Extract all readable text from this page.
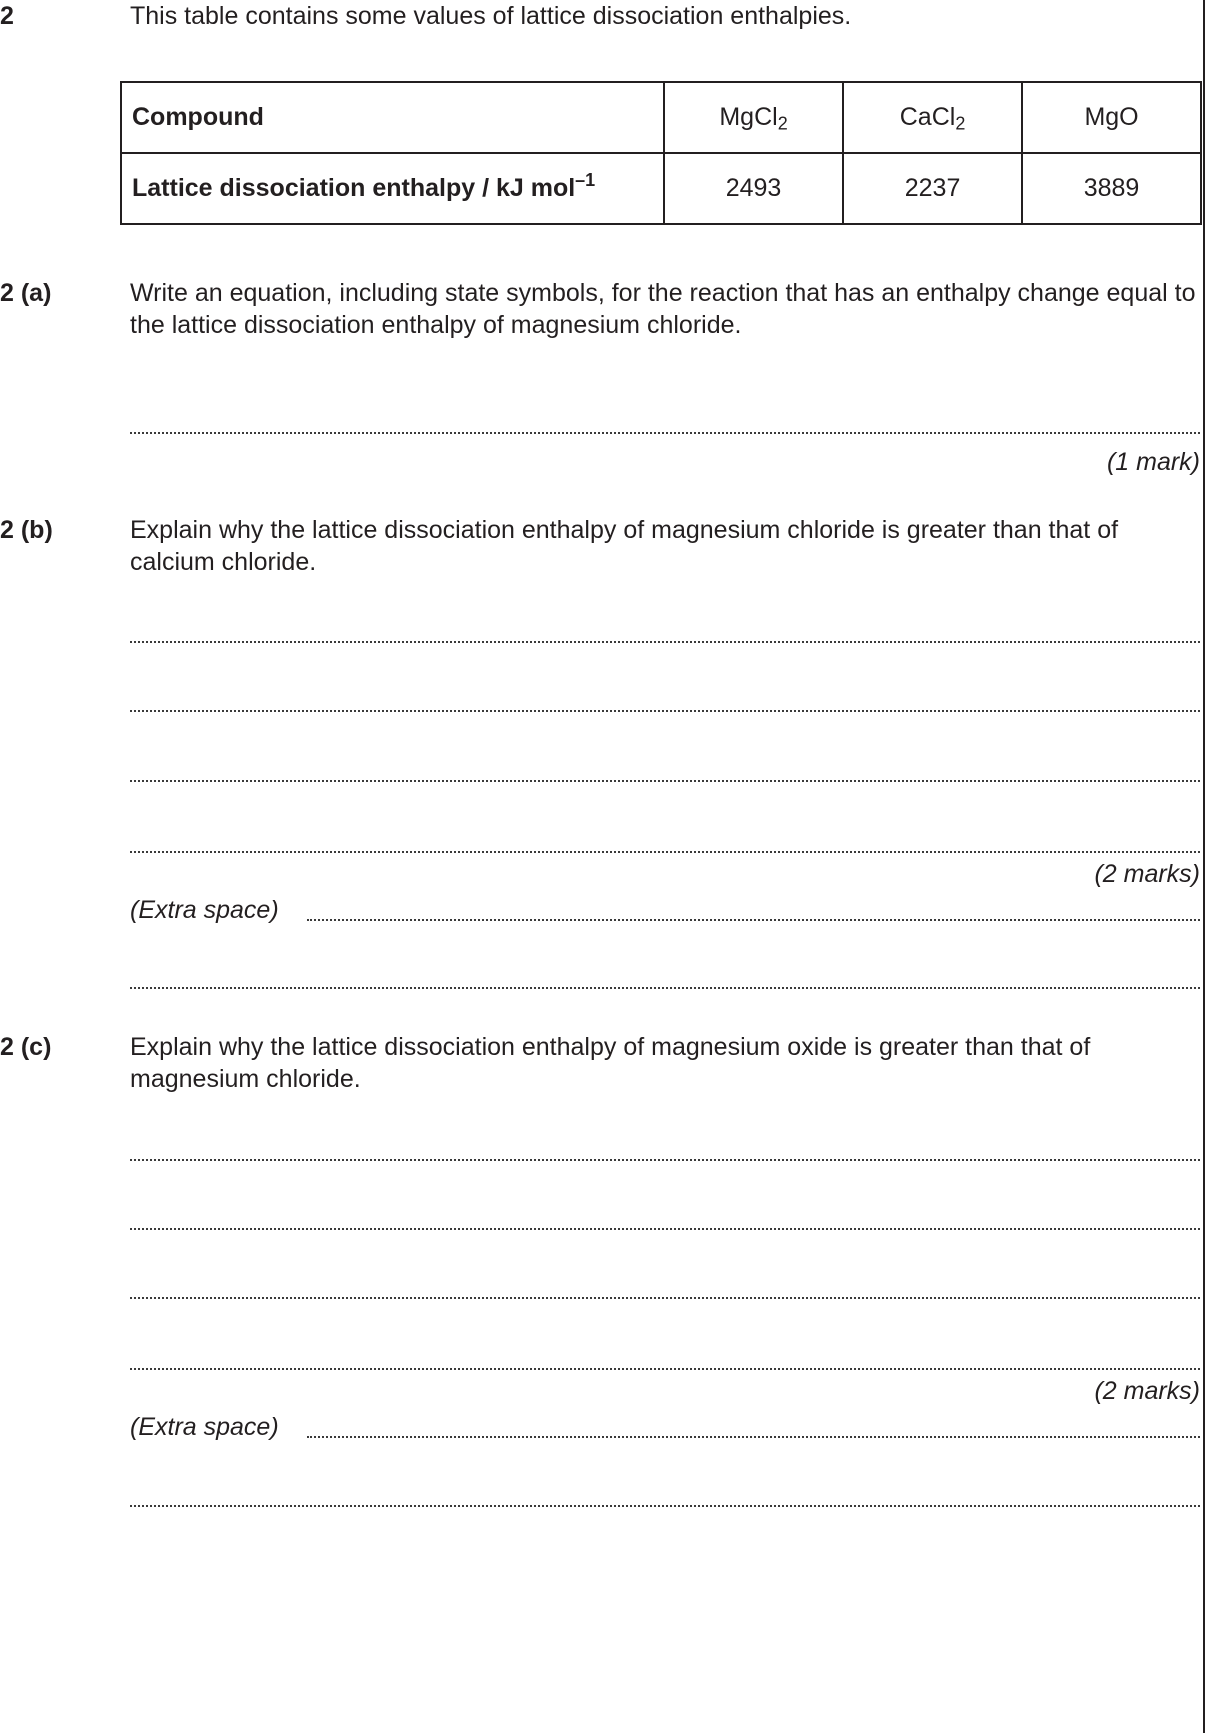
2	This table contains some values of lattice dissociation enthalpies.
Compound	MgCl$_2$	CaCl$_2$	MgO
Lattice dissociation enthalpy / kJ mol$^{-1}$	2493	2237	3889
2 (a)	Write an equation, including state symbols, for the reaction that has an enthalpy change equal to the lattice dissociation enthalpy of magnesium chloride.
(1 mark)
2 (b)	Explain why the lattice dissociation enthalpy of magnesium chloride is greater than that of calcium chloride.
(2 marks)
(Extra space)
2 (c)	Explain why the lattice dissociation enthalpy of magnesium oxide is greater than that of magnesium chloride.
(2 marks)
(Extra space)
